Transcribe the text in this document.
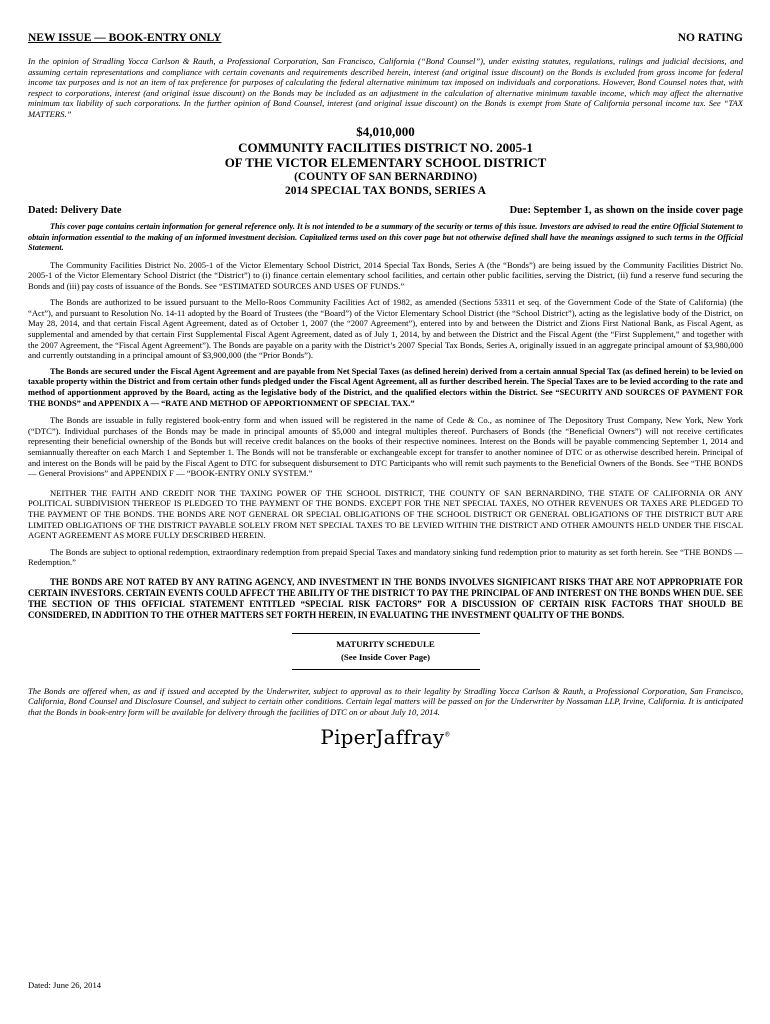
NEW ISSUE — BOOK-ENTRY ONLY	NO RATING

In the opinion of Stradling Yocca Carlson & Rauth, a Professional Corporation, San Francisco, California (“Bond Counsel”), under existing statutes, regulations, rulings and judicial decisions, and assuming certain representations and compliance with certain covenants and requirements described herein, interest (and original issue discount) on the Bonds is excluded from gross income for federal income tax purposes and is not an item of tax preference for purposes of calculating the federal alternative minimum tax imposed on individuals and corporations. However, Bond Counsel notes that, with respect to corporations, interest (and original issue discount) on the Bonds may be included as an adjustment in the calculation of alternative minimum taxable income, which may affect the alternative minimum tax liability of such corporations. In the further opinion of Bond Counsel, interest (and original issue discount) on the Bonds is exempt from State of California personal income tax. See “TAX MATTERS.”

$4,010,000
COMMUNITY FACILITIES DISTRICT NO. 2005-1
OF THE VICTOR ELEMENTARY SCHOOL DISTRICT
(COUNTY OF SAN BERNARDINO)
2014 SPECIAL TAX BONDS, SERIES A
Dated: Delivery Date	Due: September 1, as shown on the inside cover page

This cover page contains certain information for general reference only. It is not intended to be a summary of the security or terms of this issue. Investors are advised to read the entire Official Statement to obtain information essential to the making of an informed investment decision. Capitalized terms used on this cover page but not otherwise defined shall have the meanings assigned to such terms in the Official Statement.

The Community Facilities District No. 2005-1 of the Victor Elementary School District, 2014 Special Tax Bonds, Series A (the “Bonds”) are being issued by the Community Facilities District No. 2005-1 of the Victor Elementary School District (the “District”) to (i) finance certain elementary school facilities, and certain other public facilities, serving the District, (ii) fund a reserve fund securing the Bonds and (iii) pay costs of issuance of the Bonds. See “ESTIMATED SOURCES AND USES OF FUNDS.”

The Bonds are authorized to be issued pursuant to the Mello-Roos Community Facilities Act of 1982, as amended (Sections 53311 et seq. of the Government Code of the State of California) (the “Act”), and pursuant to Resolution No. 14-11 adopted by the Board of Trustees (the “Board”) of the Victor Elementary School District (the “School District”), acting as the legislative body of the District, on May 28, 2014, and that certain Fiscal Agent Agreement, dated as of October 1, 2007 (the “2007 Agreement”), entered into by and between the District and Zions First National Bank, as Fiscal Agent, as supplemental and amended by that certain First Supplemental Fiscal Agent Agreement, dated as of July 1, 2014, by and between the District and the Fiscal Agent (the “First Supplement,” and together with the 2007 Agreement, the “Fiscal Agent Agreement”). The Bonds are payable on a parity with the District’s 2007 Special Tax Bonds, Series A, originally issued in an aggregate principal amount of $3,980,000 and currently outstanding in a principal amount of $3,900,000 (the “Prior Bonds”).

The Bonds are secured under the Fiscal Agent Agreement and are payable from Net Special Taxes (as defined herein) derived from a certain annual Special Tax (as defined herein) to be levied on taxable property within the District and from certain other funds pledged under the Fiscal Agent Agreement, all as further described herein. The Special Taxes are to be levied according to the rate and method of apportionment approved by the Board, acting as the legislative body of the District, and the qualified electors within the District. See “SECURITY AND SOURCES OF PAYMENT FOR THE BONDS” and APPENDIX A — “RATE AND METHOD OF APPORTIONMENT OF SPECIAL TAX.”

The Bonds are issuable in fully registered book-entry form and when issued will be registered in the name of Cede & Co., as nominee of The Depository Trust Company, New York, New York (“DTC”). Individual purchases of the Bonds may be made in principal amounts of $5,000 and integral multiples thereof. Purchasers of Bonds (the “Beneficial Owners”) will not receive certificates representing their beneficial ownership of the Bonds but will receive credit balances on the books of their respective nominees. Interest on the Bonds will be payable commencing September 1, 2014 and semiannually thereafter on each March 1 and September 1. The Bonds will not be transferable or exchangeable except for transfer to another nominee of DTC or as otherwise described herein. Principal of and interest on the Bonds will be paid by the Fiscal Agent to DTC for subsequent disbursement to DTC Participants who will remit such payments to the Beneficial Owners of the Bonds. See “THE BONDS — General Provisions” and APPENDIX F — “BOOK-ENTRY ONLY SYSTEM.”

NEITHER THE FAITH AND CREDIT NOR THE TAXING POWER OF THE SCHOOL DISTRICT, THE COUNTY OF SAN BERNARDINO, THE STATE OF CALIFORNIA OR ANY POLITICAL SUBDIVISION THEREOF IS PLEDGED TO THE PAYMENT OF THE BONDS. EXCEPT FOR THE NET SPECIAL TAXES, NO OTHER REVENUES OR TAXES ARE PLEDGED TO THE PAYMENT OF THE BONDS. THE BONDS ARE NOT GENERAL OR SPECIAL OBLIGATIONS OF THE SCHOOL DISTRICT OR GENERAL OBLIGATIONS OF THE DISTRICT BUT ARE LIMITED OBLIGATIONS OF THE DISTRICT PAYABLE SOLELY FROM NET SPECIAL TAXES TO BE LEVIED WITHIN THE DISTRICT AND OTHER AMOUNTS HELD UNDER THE FISCAL AGENT AGREEMENT AS MORE FULLY DESCRIBED HEREIN.

The Bonds are subject to optional redemption, extraordinary redemption from prepaid Special Taxes and mandatory sinking fund redemption prior to maturity as set forth herein. See “THE BONDS — Redemption.”

THE BONDS ARE NOT RATED BY ANY RATING AGENCY, AND INVESTMENT IN THE BONDS INVOLVES SIGNIFICANT RISKS THAT ARE NOT APPROPRIATE FOR CERTAIN INVESTORS. CERTAIN EVENTS COULD AFFECT THE ABILITY OF THE DISTRICT TO PAY THE PRINCIPAL OF AND INTEREST ON THE BONDS WHEN DUE. SEE THE SECTION OF THIS OFFICIAL STATEMENT ENTITLED “SPECIAL RISK FACTORS” FOR A DISCUSSION OF CERTAIN RISK FACTORS THAT SHOULD BE CONSIDERED, IN ADDITION TO THE OTHER MATTERS SET FORTH HEREIN, IN EVALUATING THE INVESTMENT QUALITY OF THE BONDS.

MATURITY SCHEDULE
(See Inside Cover Page)

The Bonds are offered when, as and if issued and accepted by the Underwriter, subject to approval as to their legality by Stradling Yocca Carlson & Rauth, a Professional Corporation, San Francisco, California, Bond Counsel and Disclosure Counsel, and subject to certain other conditions. Certain legal matters will be passed on for the Underwriter by Nossaman LLP, Irvine, California. It is anticipated that the Bonds in book-entry form will be available for delivery through the facilities of DTC on or about July 10, 2014.

PiperJaffray®
Dated: June 26, 2014
